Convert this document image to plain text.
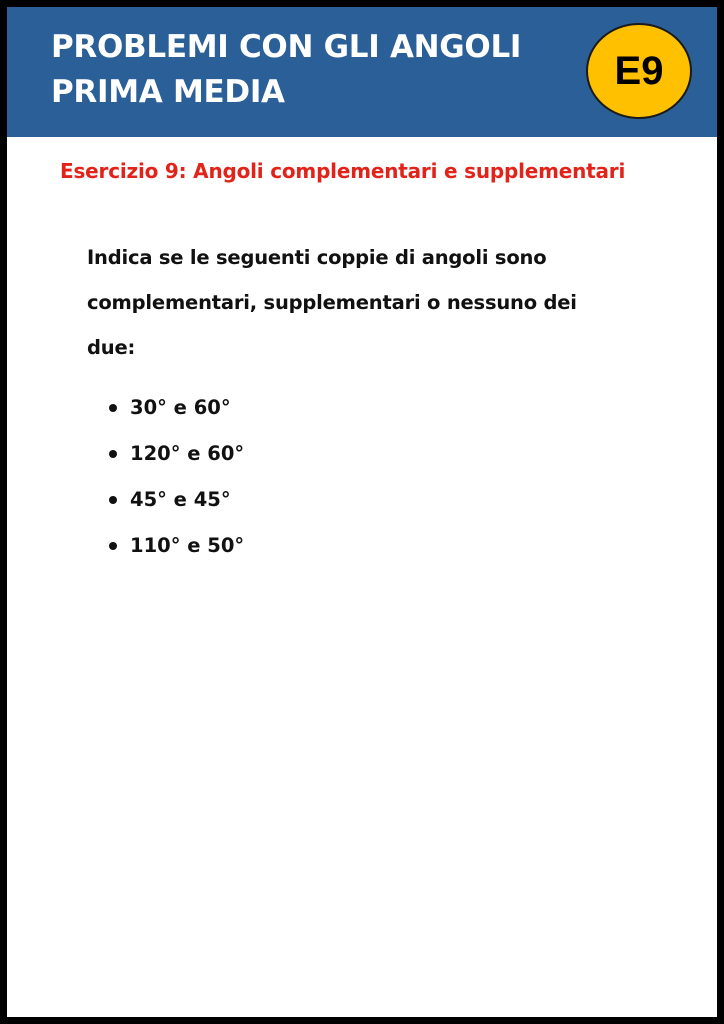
PROBLEMI CON GLI ANGOLI
PRIMA MEDIA	E9
Esercizio 9: Angoli complementari e supplementari
Indica se le seguenti coppie di angoli sono complementari, supplementari o nessuno dei due:
30° e 60°
120° e 60°
45° e 45°
110° e 50°
